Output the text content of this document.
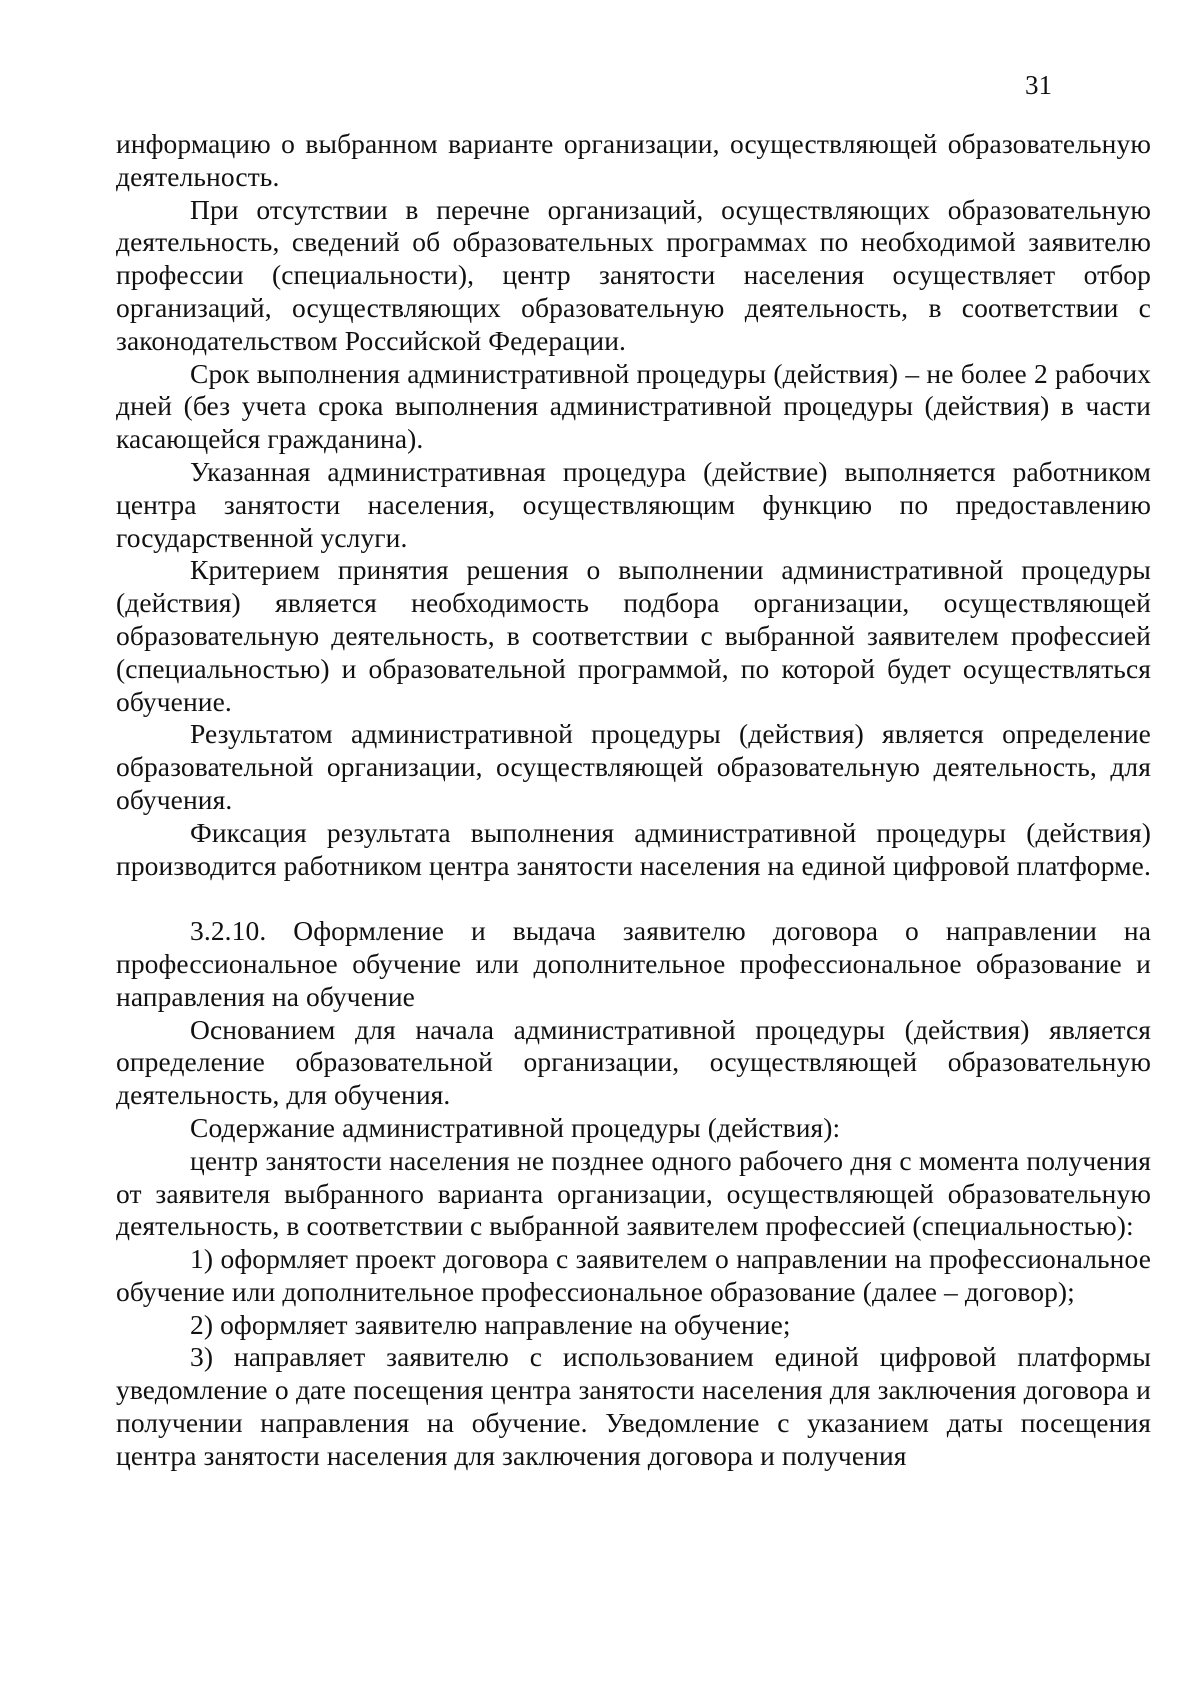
31

информацию о выбранном варианте организации, осуществляющей образовательную деятельность.

При отсутствии в перечне организаций, осуществляющих образовательную деятельность, сведений об образовательных программах по необходимой заявителю профессии (специальности), центр занятости населения осуществляет отбор организаций, осуществляющих образовательную деятельность, в соответствии с законодательством Российской Федерации.

Срок выполнения административной процедуры (действия) – не более 2 рабочих дней (без учета срока выполнения административной процедуры (действия) в части касающейся гражданина).

Указанная административная процедура (действие) выполняется работником центра занятости населения, осуществляющим функцию по предоставлению государственной услуги.

Критерием принятия решения о выполнении административной процедуры (действия) является необходимость подбора организации, осуществляющей образовательную деятельность, в соответствии с выбранной заявителем профессией (специальностью) и образовательной программой, по которой будет осуществляться обучение.

Результатом административной процедуры (действия) является определение образовательной организации, осуществляющей образовательную деятельность, для обучения.

Фиксация результата выполнения административной процедуры (действия) производится работником центра занятости населения на единой цифровой платформе.

3.2.10. Оформление и выдача заявителю договора о направлении на профессиональное обучение или дополнительное профессиональное образование и направления на обучение

Основанием для начала административной процедуры (действия) является определение образовательной организации, осуществляющей образовательную деятельность, для обучения.

Содержание административной процедуры (действия):

центр занятости населения не позднее одного рабочего дня с момента получения от заявителя выбранного варианта организации, осуществляющей образовательную деятельность, в соответствии с выбранной заявителем профессией (специальностью):

1) оформляет проект договора с заявителем о направлении на профессиональное обучение или дополнительное профессиональное образование (далее – договор);

2) оформляет заявителю направление на обучение;

3) направляет заявителю с использованием единой цифровой платформы уведомление о дате посещения центра занятости населения для заключения договора и получении направления на обучение. Уведомление с указанием даты посещения центра занятости населения для заключения договора и получения
